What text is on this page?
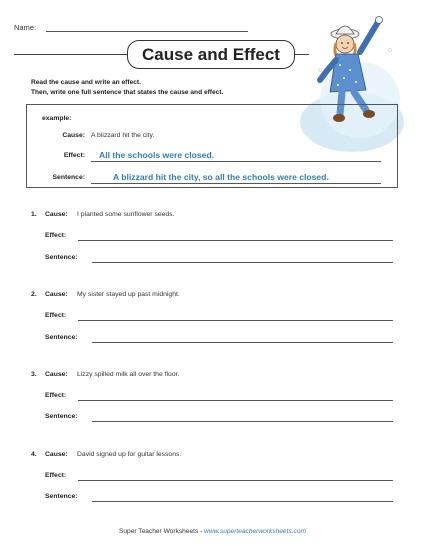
Name:
Cause and Effect
Read the cause and write an effect.
Then, write one full sentence that states the cause and effect.
example:
Cause: A blizzard hit the city.
Effect: All the schools were closed.
Sentence:	A blizzard hit the city, so all the schools were closed.
1. Cause: I planted some sunflower seeds.
Effect:
Sentence:
2. Cause: My sister stayed up past midnight.
Effect:
Sentence:
3. Cause: Lizzy spilled milk all over the floor.
Effect:
Sentence:
4. Cause: David signed up for guitar lessons.
Effect:
Sentence:
Super Teacher Worksheets - www.superteacherworksheets.com
